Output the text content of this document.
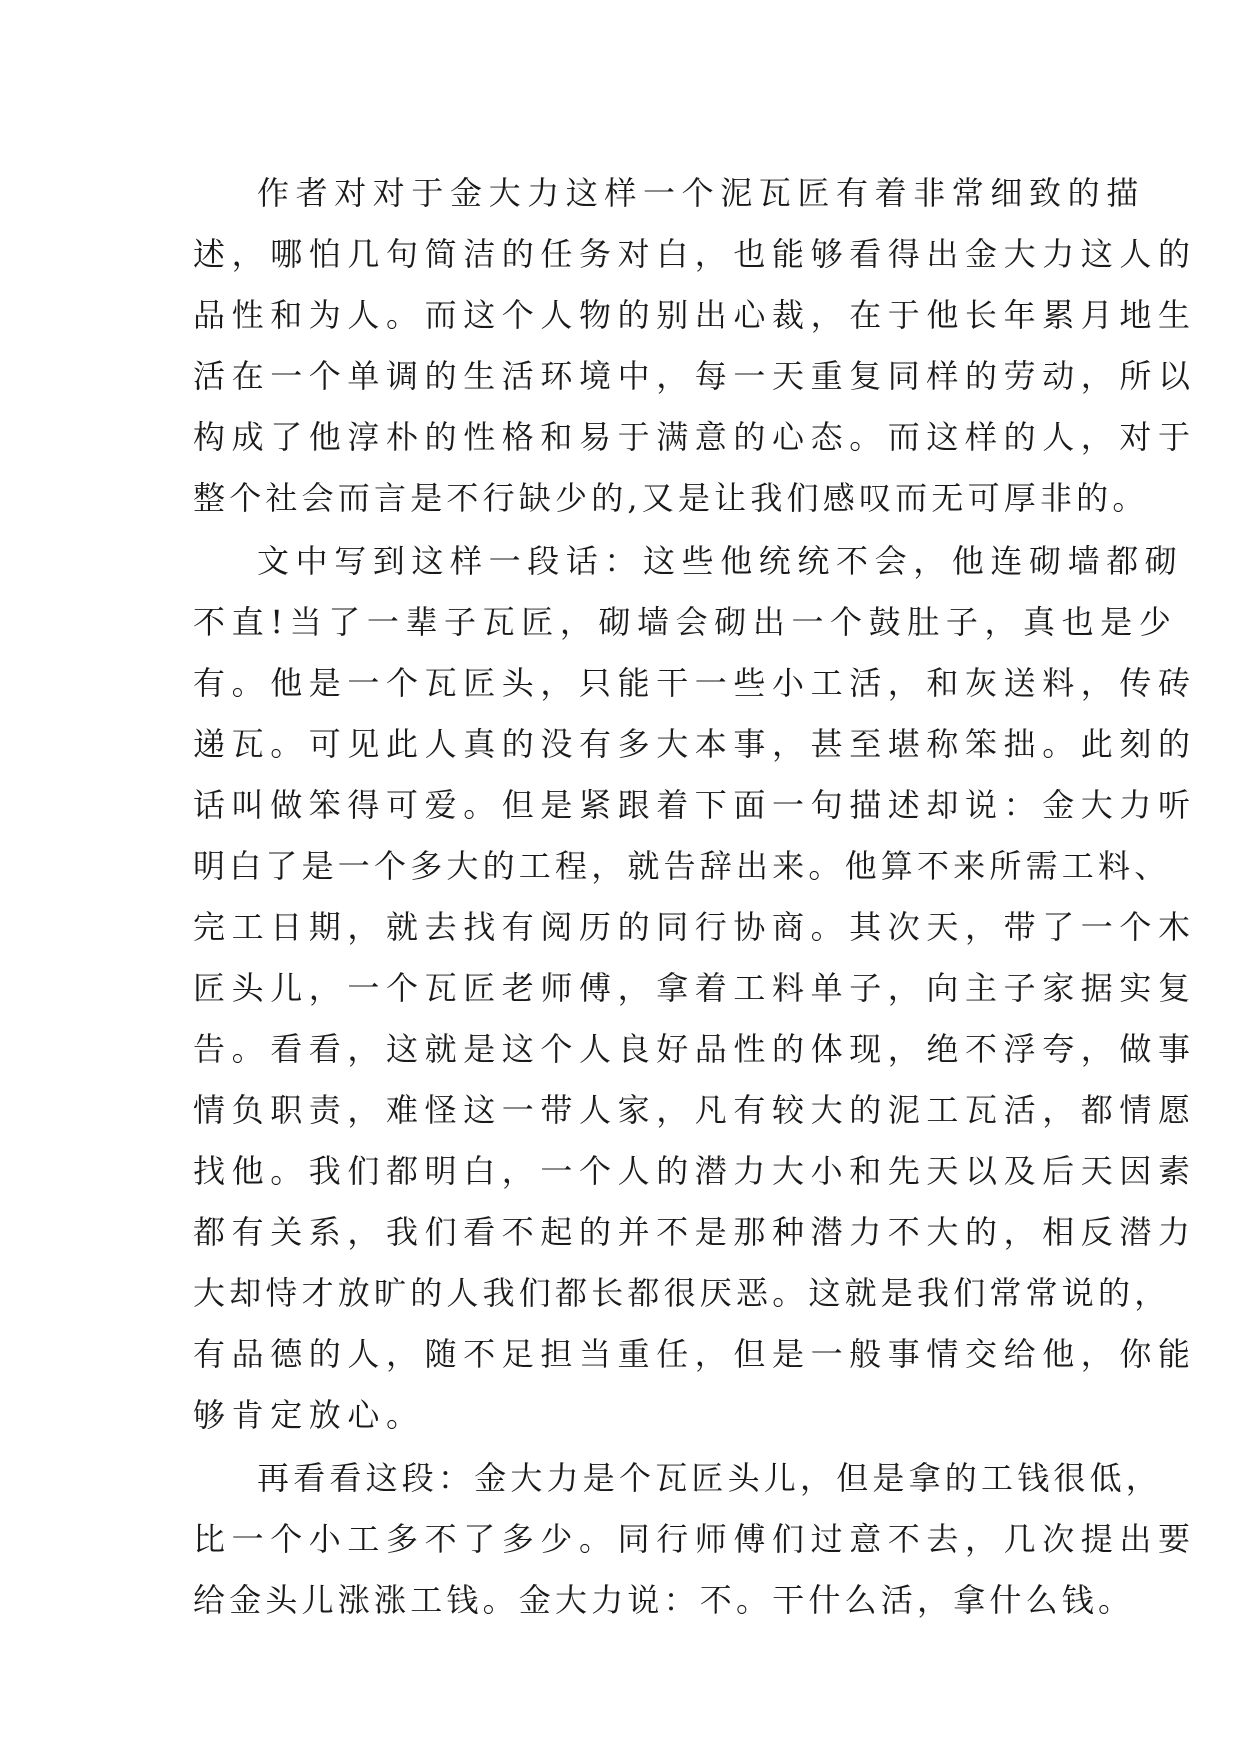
作者对对于金大力这样一个泥瓦匠有着非常细致的描
述，哪怕几句简洁的任务对白，也能够看得出金大力这人的
品性和为人。而这个人物的别出心裁，在于他长年累月地生
活在一个单调的生活环境中，每一天重复同样的劳动，所以
构成了他淳朴的性格和易于满意的心态。而这样的人，对于
整个社会而言是不行缺少的,又是让我们感叹而无可厚非的。
文中写到这样一段话：这些他统统不会，他连砌墙都砌
不直!当了一辈子瓦匠，砌墙会砌出一个鼓肚子，真也是少
有。他是一个瓦匠头，只能干一些小工活，和灰送料，传砖
递瓦。可见此人真的没有多大本事，甚至堪称笨拙。此刻的
话叫做笨得可爱。但是紧跟着下面一句描述却说：金大力听
明白了是一个多大的工程，就告辞出来。他算不来所需工料、
完工日期，就去找有阅历的同行协商。其次天，带了一个木
匠头儿，一个瓦匠老师傅，拿着工料单子，向主子家据实复
告。看看，这就是这个人良好品性的体现，绝不浮夸，做事
情负职责，难怪这一带人家，凡有较大的泥工瓦活，都情愿
找他。我们都明白，一个人的潜力大小和先天以及后天因素
都有关系，我们看不起的并不是那种潜力不大的，相反潜力
大却恃才放旷的人我们都长都很厌恶。这就是我们常常说的，
有品德的人，随不足担当重任，但是一般事情交给他，你能
够肯定放心。
再看看这段：金大力是个瓦匠头儿，但是拿的工钱很低，
比一个小工多不了多少。同行师傅们过意不去，几次提出要
给金头儿涨涨工钱。金大力说：不。干什么活，拿什么钱。
